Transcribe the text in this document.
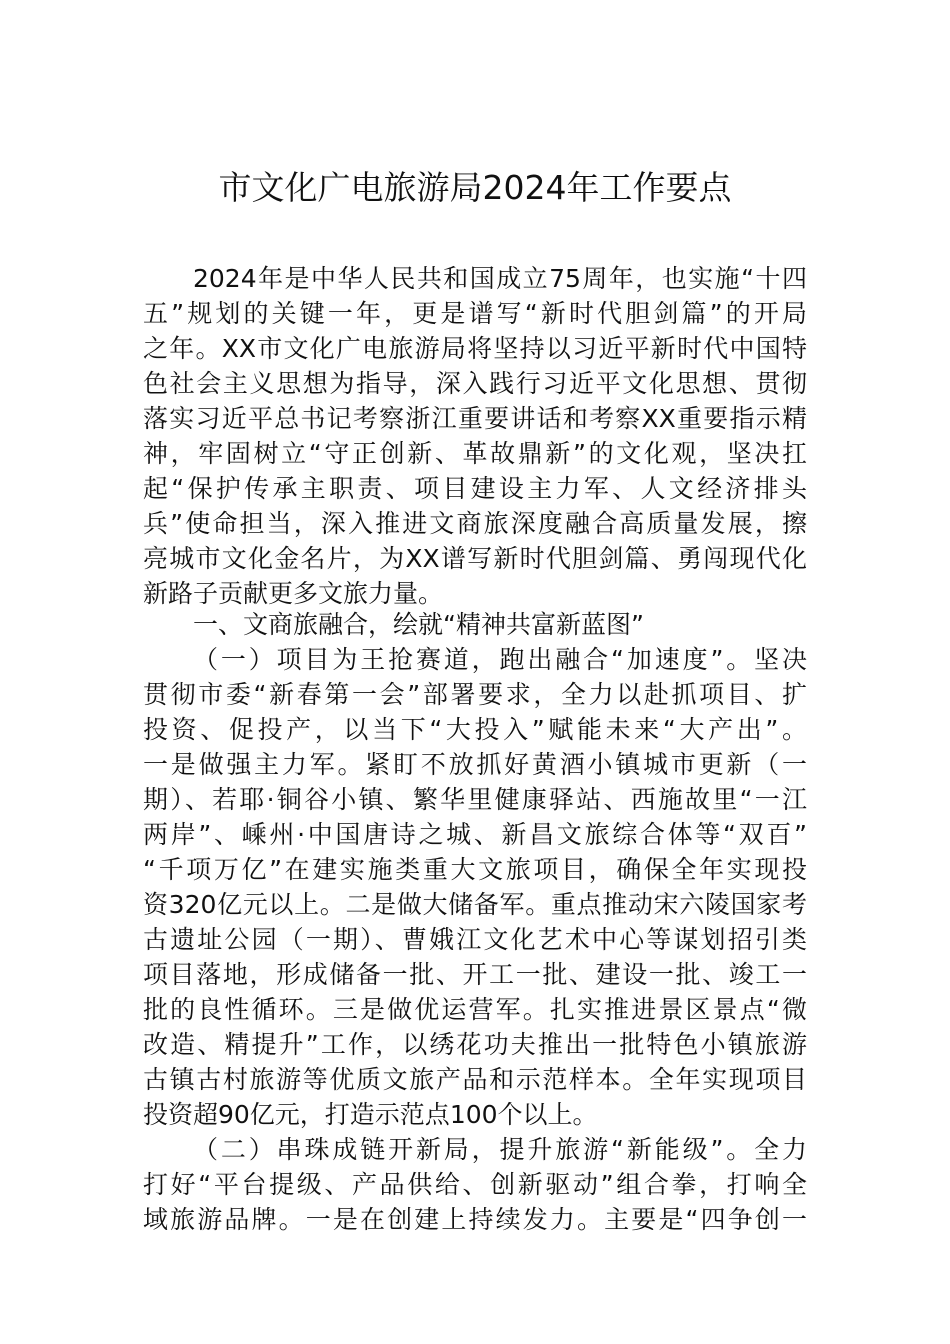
市文化广电旅游局2024年工作要点

2024年是中华人民共和国成立75周年，也实施“十四

五”规划的关键一年，更是谱写“新时代胆剑篇”的开局

之年。XX市文化广电旅游局将坚持以习近平新时代中国特

色社会主义思想为指导，深入践行习近平文化思想、贯彻

落实习近平总书记考察浙江重要讲话和考察XX重要指示精

神，牢固树立“守正创新、革故鼎新”的文化观，坚决扛

起“保护传承主职责、项目建设主力军、人文经济排头

兵”使命担当，深入推进文商旅深度融合高质量发展，擦

亮城市文化金名片，为XX谱写新时代胆剑篇、勇闯现代化

新路子贡献更多文旅力量。

一、文商旅融合，绘就“精神共富新蓝图”

（一）项目为王抢赛道，跑出融合“加速度”。坚决

贯彻市委“新春第一会”部署要求，全力以赴抓项目、扩

投资、促投产，以当下“大投入”赋能未来“大产出”。

一是做强主力军。紧盯不放抓好黄酒小镇城市更新（一

期）、若耶·铜谷小镇、繁华里健康驿站、西施故里“一江

两岸”、嵊州·中国唐诗之城、新昌文旅综合体等“双百”

“千项万亿”在建实施类重大文旅项目，确保全年实现投

资320亿元以上。二是做大储备军。重点推动宋六陵国家考

古遗址公园（一期）、曹娥江文化艺术中心等谋划招引类

项目落地，形成储备一批、开工一批、建设一批、竣工一

批的良性循环。三是做优运营军。扎实推进景区景点“微

改造、精提升”工作，以绣花功夫推出一批特色小镇旅游

古镇古村旅游等优质文旅产品和示范样本。全年实现项目

投资超90亿元，打造示范点100个以上。

（二）串珠成链开新局，提升旅游“新能级”。全力

打好“平台提级、产品供给、创新驱动”组合拳，打响全

域旅游品牌。一是在创建上持续发力。主要是“四争创一
